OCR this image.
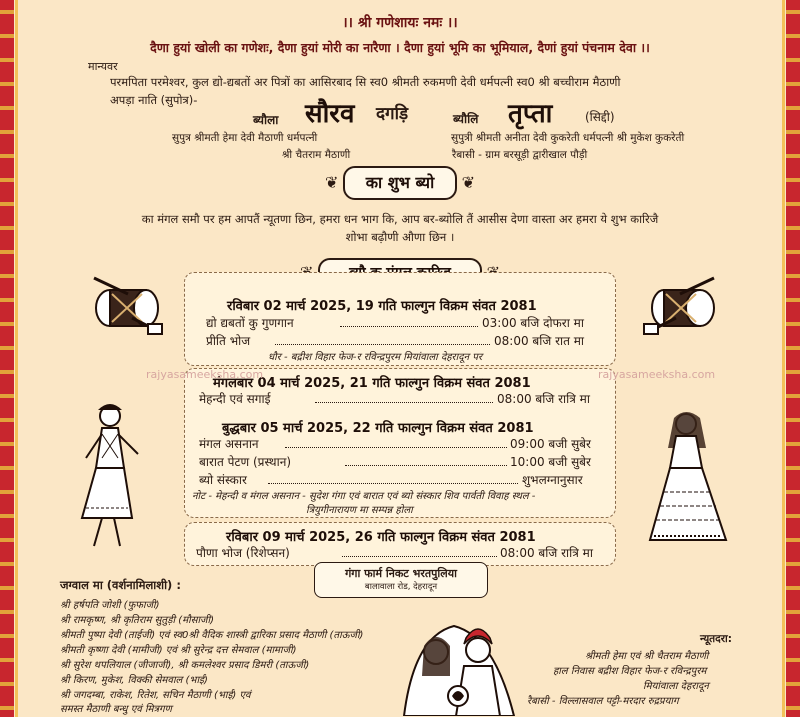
।। श्री गणेशायः नमः ।।
दैणा हुयां खोली का गणेशः, दैणा हुयां मोरी का नारैणा । दैणा हुयां भूमि का भूमियाल, दैणां हुयां पंचनाम देवा ।।
मान्यवर
परमपिता परमेश्वर, कुल द्यो-द्यबतों अर पित्रों का आसिरबाद सि स्व0 श्रीमती रुकमणी देवी धर्मपत्नी स्व0 श्री बच्चीराम मैठाणी
अपड़ा नाति (सुपोत्र)-
ब्यौला सौरव दगड़ि	ब्यौलि तृप्ता	(सिद्दी)
सुपुत्र श्रीमती हेमा देवी मैठाणी धर्मपत्नी
श्री चैतराम मैठाणी
सुपुत्री श्रीमती अनीता देवी कुकरेती धर्मपत्नी श्री मुकेश कुकरेती
रैबासी - ग्राम बरसूड़ी द्वारीखाल पौड़ी
❦ का शुभ ब्यो ❦
का मंगल समौ पर हम आपतैं न्यूतणा छिन, हमरा धन भाग कि, आप बर-ब्योलि तैं आसीस देणा वास्ता अर हमरा ये शुभ कारिजै
शोभा बढ़ौणी औणा छिन ।
❦ ❦
रविबार 02 मार्च 2025, 19 गति फाल्गुन विक्रम संवत 2081
द्यो द्यबतों कु गुणगान	03:00 बजि दोफरा मा
प्रीति भोज	08:00 बजि रात मा
धौर - बद्रीश विहार फेज-र रविन्द्रपुरम मियांवाला देहरादून पर
मंगलबार 04 मार्च 2025, 21 गति फाल्गुन विक्रम संवत 2081
मेहन्दी एवं सगाई	08:00 बजि रात्रि मा
बुद्धबार 05 मार्च 2025, 22 गति फाल्गुन विक्रम संवत 2081
मंगल असनान	09:00 बजी सुबेर
बारात पेटण (प्रस्थान)	10:00 बजी सुबेर
ब्यो संस्कार	शुभलग्नानुसार
नोट - मेहन्दी व मंगल असनान - सुदेश गंगा एवं बारात एवं ब्यो संस्कार शिव पार्वती विवाह स्थल -
त्रियुगीनारायण मा सम्पन्न होला
रविबार 09 मार्च 2025, 26 गति फाल्गुन विक्रम संवत 2081
पौणा भोज (रिशेप्सन)	08:00 बजि रात्रि मा
rajyasameeksha.com	rajyasameeksha.com
गंगा फार्म निकट भरतपुलिया
बालावाला रोड, देहरादून
जग्वाल मा (वर्शनामिलाशी) :
श्री हर्षपति जोशी (फुफाजी)
श्री रामकृष्ण, श्री कृतिराम सुतुड़ी (मौसाजी)
श्रीमती पुष्पा देवी (ताईजी) एवं स्व0श्री वैदिक शास्त्री द्वारिका प्रसाद मैठाणी (ताऊजी)
श्रीमती कृष्णा देवी (मामीजी) एवं श्री सुरेन्द्र दत्त सेमवाल (मामाजी)
श्री सुरेश थपलियाल (जीजाजी), श्री कमलेश्वर प्रसाद डिमरी (ताऊजी)
श्री किरण, मुकेश, विक्की सेमवाल (भाई)
श्री जगदम्बा, राकेश, रितेश, सचिन मैठाणी (भाई) एवं
समस्त मैठाणी बन्धु एवं मित्रगण
न्यूतदरा:
श्रीमती हेमा एवं श्री चैतराम मैठाणी
हाल निवास बद्रीश विहार फेज-र रविन्द्रपुरम
मियांवाला देहरादून
रैबासी - विल्लासवाल पट्टी-मरदार रुद्रप्रयाग
